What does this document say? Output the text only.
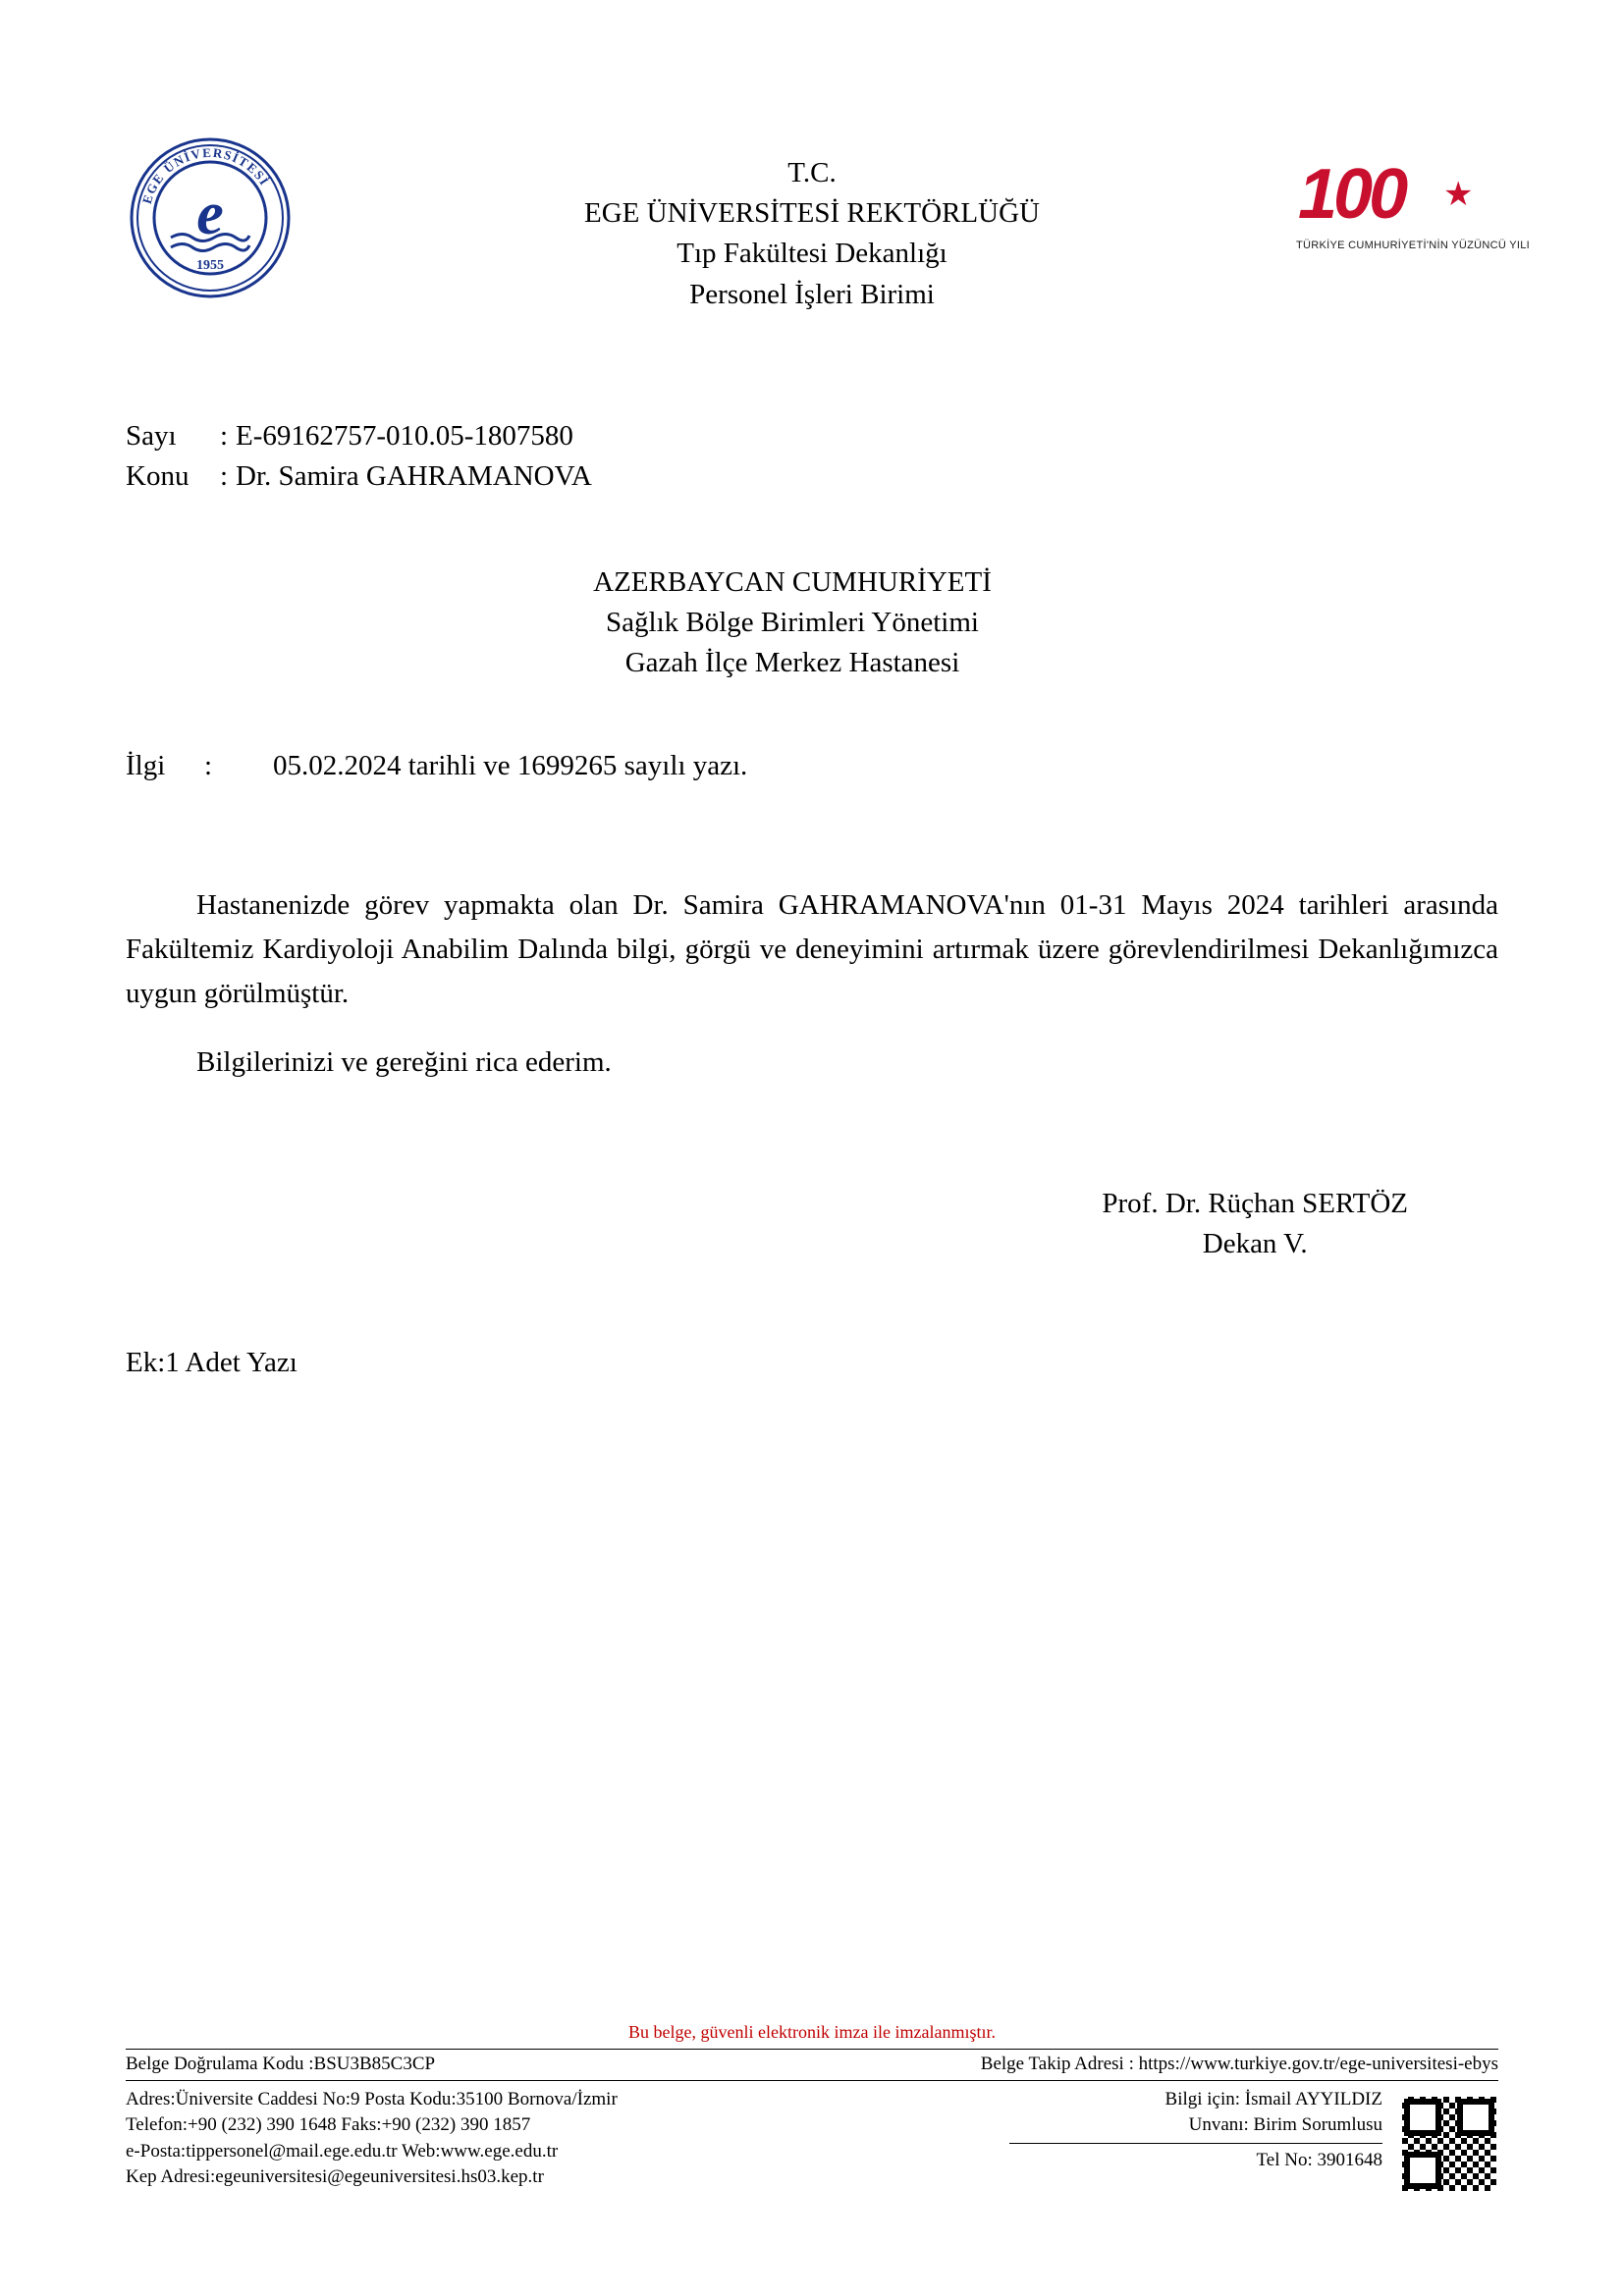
EGE ÜNİVERSİTESİ
e
1955
T.C.
EGE ÜNİVERSİTESİ REKTÖRLÜĞÜ
Tıp Fakültesi Dekanlığı
Personel İşleri Birimi
100 ★
TÜRKİYE CUMHURİYETİ'NİN YÜZÜNCÜ YILI
Sayı	: E-69162757-010.05-1807580
Konu	: Dr. Samira GAHRAMANOVA
AZERBAYCAN CUMHURİYETİ
Sağlık Bölge Birimleri Yönetimi
Gazah İlçe Merkez Hastanesi
İlgi : 05.02.2024 tarihli ve 1699265 sayılı yazı.
Hastanenizde görev yapmakta olan Dr. Samira GAHRAMANOVA'nın 01-31 Mayıs 2024 tarihleri arasında Fakültemiz Kardiyoloji Anabilim Dalında bilgi, görgü ve deneyimini artırmak üzere görevlendirilmesi Dekanlığımızca uygun görülmüştür.
Bilgilerinizi ve gereğini rica ederim.
Prof. Dr. Rüçhan SERTÖZ
Dekan V.
Ek:1 Adet Yazı
Bu belge, güvenli elektronik imza ile imzalanmıştır.
Belge Doğrulama Kodu :BSU3B85C3CP	Belge Takip Adresi : https://www.turkiye.gov.tr/ege-universitesi-ebys
Adres:Üniversite Caddesi No:9 Posta Kodu:35100 Bornova/İzmir
Telefon:+90 (232) 390 1648 Faks:+90 (232) 390 1857
e-Posta:tippersonel@mail.ege.edu.tr Web:www.ege.edu.tr
Kep Adresi:egeuniversitesi@egeuniversitesi.hs03.kep.tr
Bilgi için: İsmail AYYILDIZ
Unvanı: Birim Sorumlusu
Tel No: 3901648
